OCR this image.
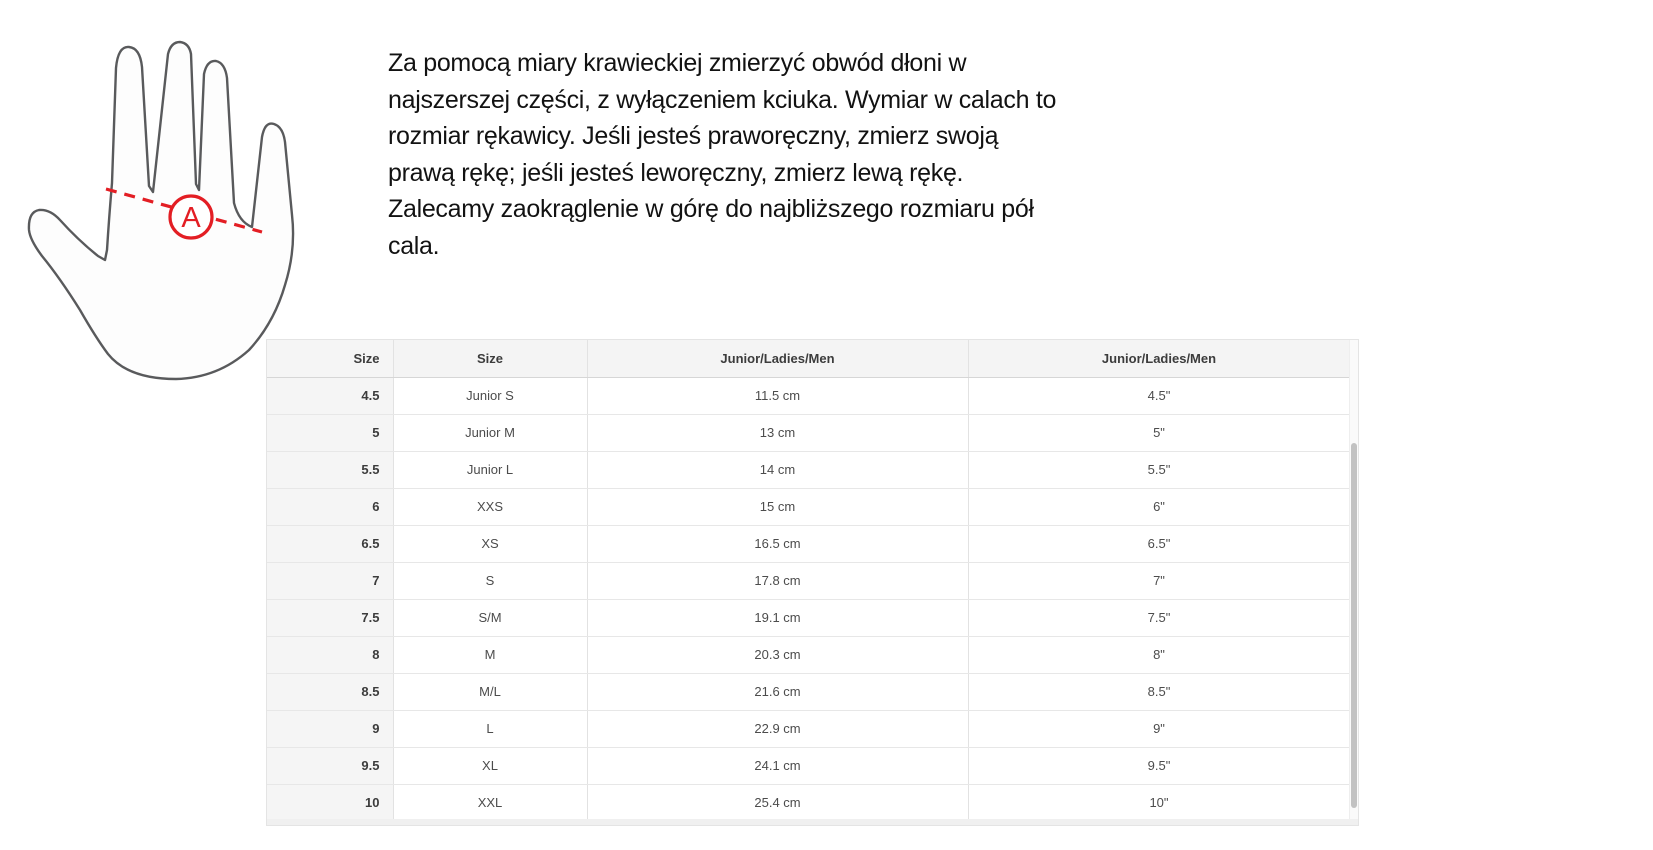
A
Za pomocą miary krawieckiej zmierzyć obwód dłoni w
najszerszej części, z wyłączeniem kciuka. Wymiar w calach to
rozmiar rękawicy. Jeśli jesteś praworęczny, zmierz swoją
prawą rękę; jeśli jesteś leworęczny, zmierz lewą rękę.
Zalecamy zaokrąglenie w górę do najbliższego rozmiaru pół
cala.
Size	Size	Junior/Ladies/Men	Junior/Ladies/Men
4.5	Junior S	11.5 cm	4.5"
5	Junior M	13 cm	5"
5.5	Junior L	14 cm	5.5"
6	XXS	15 cm	6"
6.5	XS	16.5 cm	6.5"
7	S	17.8 cm	7"
7.5	S/M	19.1 cm	7.5"
8	M	20.3 cm	8"
8.5	M/L	21.6 cm	8.5"
9	L	22.9 cm	9"
9.5	XL	24.1 cm	9.5"
10	XXL	25.4 cm	10"
